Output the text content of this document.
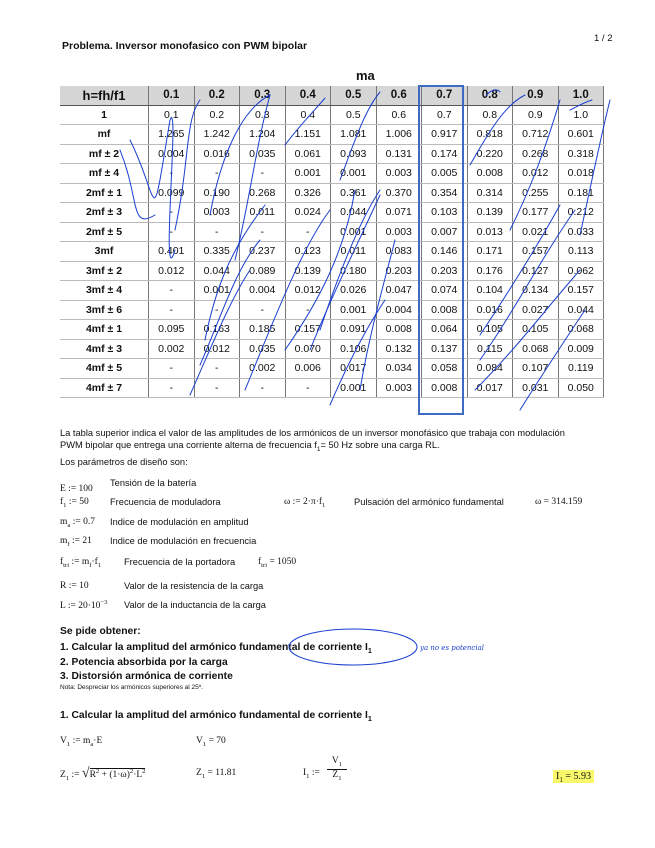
Problema. Inversor monofasico con PWM bipolar
1 / 2
ma
h=fh/f1	0.1	0.2	0.3	0.4	0.5	0.6	0.7	0.8	0.9	1.0
1	0.1	0.2	0.3	0.4	0.5	0.6	0.7	0.8	0.9	1.0
mf	1.265	1.242	1.204	1.151	1.081	1.006	0.917	0.818	0.712	0.601
mf ± 2	0.004	0.016	0.035	0.061	0.093	0.131	0.174	0.220	0.268	0.318
mf ± 4	-	-	-	0.001	0.001	0.003	0.005	0.008	0.012	0.018
2mf ± 1	0.099	0.190	0.268	0.326	0.361	0.370	0.354	0.314	0.255	0.181
2mf ± 3	-	0.003	0.011	0.024	0.044	0.071	0.103	0.139	0.177	0.212
2mf ± 5	-	-	-	-	0.001	0.003	0.007	0.013	0.021	0.033
3mf	0.401	0.335	0.237	0.123	0.011	0.083	0.146	0.171	0.157	0.113
3mf ± 2	0.012	0.044	0.089	0.139	0.180	0.203	0.203	0.176	0.127	0.062
3mf ± 4	-	0.001	0.004	0.012	0.026	0.047	0.074	0.104	0.134	0.157
3mf ± 6	-	-	-	-	0.001	0.004	0.008	0.016	0.027	0.044
4mf ± 1	0.095	0.163	0.185	0.157	0.091	0.008	0.064	0.105	0.105	0.068
4mf ± 3	0.002	0.012	0.035	0.070	0.106	0.132	0.137	0.115	0.068	0.009
4mf ± 5	-	-	0.002	0.006	0.017	0.034	0.058	0.084	0.107	0.119
4mf ± 7	-	-	-	-	0.001	0.003	0.008	0.017	0.031	0.050
La tabla superior indica el valor de las amplitudes de los armónicos de un inversor monofásico que trabaja con modulación
PWM bipolar que entrega una corriente alterna de frecuencia $f_1= 50$ Hz sobre una carga RL.
Los parámetros de diseño son:
E := 100
Tensión de la batería
$f_1$ := 50 Frecuencia de moduladora	ω := $2\cdot\pi\cdot f_1$	Pulsación del armónico fundamental	ω = 314.159
$m_a$ := 0.7 Indice de modulación en amplitud
$m_f$ := 21 Indice de modulación en frecuencia
$f_{tri}$ := $m_f\cdot f_1$ Frecuencia de la portadora $f_{tri} = 1050$
R := 10	Valor de la resistencia de la carga
L := $20\cdot 10^{-3}$ Valor de la inductancia de la carga
Se pide obtener:
1. Calcular la amplitud del armónico fundamental de corriente $I_1$
2. Potencia absorbida por la carga
3. Distorsión armónica de corriente
Nota: Despreciar los armónicos superiores al 25º.
ya no es potencial
1. Calcular la amplitud del armónico fundamental de corriente $I_1$
$V_1$ := $m_a\cdot E$	$V_1 = 70$
$Z_1$ := $√R^2 + (1\cdot\omega)^2\cdot L^2$	$Z_1 = 11.81$	$I_1$ :=
$V_1$
$Z_1$	$I_1 = 5.93$
